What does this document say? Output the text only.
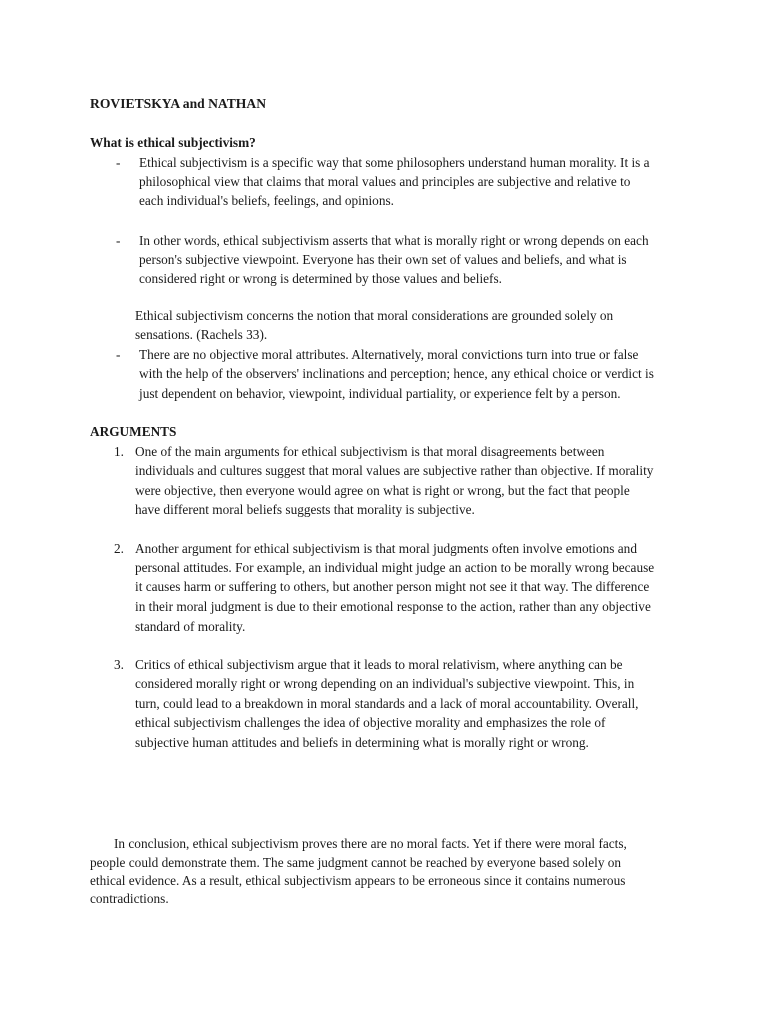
ROVIETSKYA and NATHAN
What is ethical subjectivism?
- Ethical subjectivism is a specific way that some philosophers understand human morality. It is a
philosophical view that claims that moral values and principles are subjective and relative to
each individual's beliefs, feelings, and opinions.
- In other words, ethical subjectivism asserts that what is morally right or wrong depends on each
person's subjective viewpoint. Everyone has their own set of values and beliefs, and what is
considered right or wrong is determined by those values and beliefs.
Ethical subjectivism concerns the notion that moral considerations are grounded solely on
sensations. (Rachels 33).
- There are no objective moral attributes. Alternatively, moral convictions turn into true or false
with the help of the observers' inclinations and perception; hence, any ethical choice or verdict is
just dependent on behavior, viewpoint, individual partiality, or experience felt by a person.
ARGUMENTS
1. One of the main arguments for ethical subjectivism is that moral disagreements between
individuals and cultures suggest that moral values are subjective rather than objective. If morality
were objective, then everyone would agree on what is right or wrong, but the fact that people
have different moral beliefs suggests that morality is subjective.
2. Another argument for ethical subjectivism is that moral judgments often involve emotions and
personal attitudes. For example, an individual might judge an action to be morally wrong because
it causes harm or suffering to others, but another person might not see it that way. The difference
in their moral judgment is due to their emotional response to the action, rather than any objective
standard of morality.
3. Critics of ethical subjectivism argue that it leads to moral relativism, where anything can be
considered morally right or wrong depending on an individual's subjective viewpoint. This, in
turn, could lead to a breakdown in moral standards and a lack of moral accountability. Overall,
ethical subjectivism challenges the idea of objective morality and emphasizes the role of
subjective human attitudes and beliefs in determining what is morally right or wrong.
In conclusion, ethical subjectivism proves there are no moral facts. Yet if there were moral facts,
people could demonstrate them. The same judgment cannot be reached by everyone based solely on
ethical evidence. As a result, ethical subjectivism appears to be erroneous since it contains numerous
contradictions.
